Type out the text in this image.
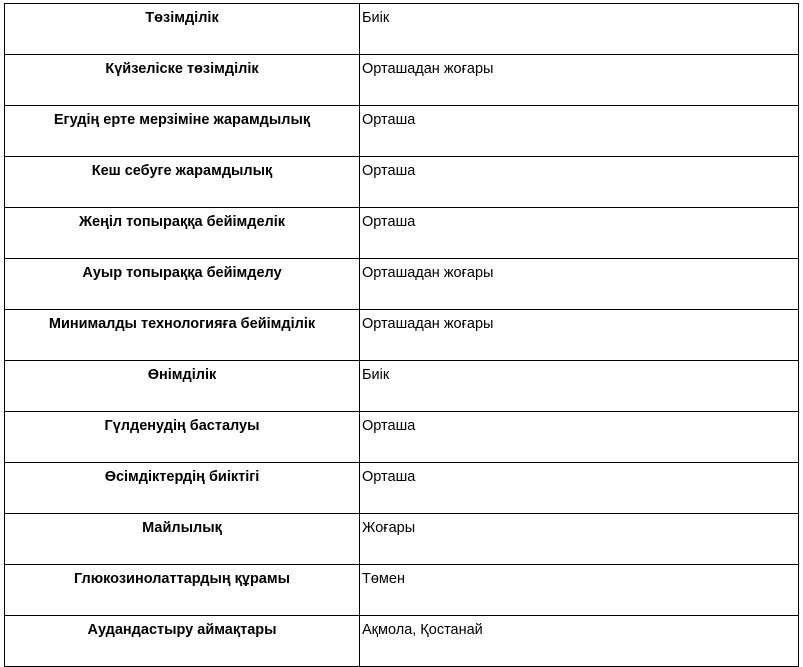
Төзімділік	Биік
Күйзеліске төзімділік	Орташадан жоғары
Егудің ерте мерзіміне жарамдылық	Орташа
Кеш себуге жарамдылық	Орташа
Жеңіл топыраққа бейімделік	Орташа
Ауыр топыраққа бейімделу	Орташадан жоғары
Минималды технологияға бейімділік	Орташадан жоғары
Өнімділік	Биік
Гүлденудің басталуы	Орташа
Өсімдіктердің биіктігі	Орташа
Майлылық	Жоғары
Глюкозинолаттардың құрамы	Төмен
Аудандастыру аймақтары	Ақмола, Қостанай
